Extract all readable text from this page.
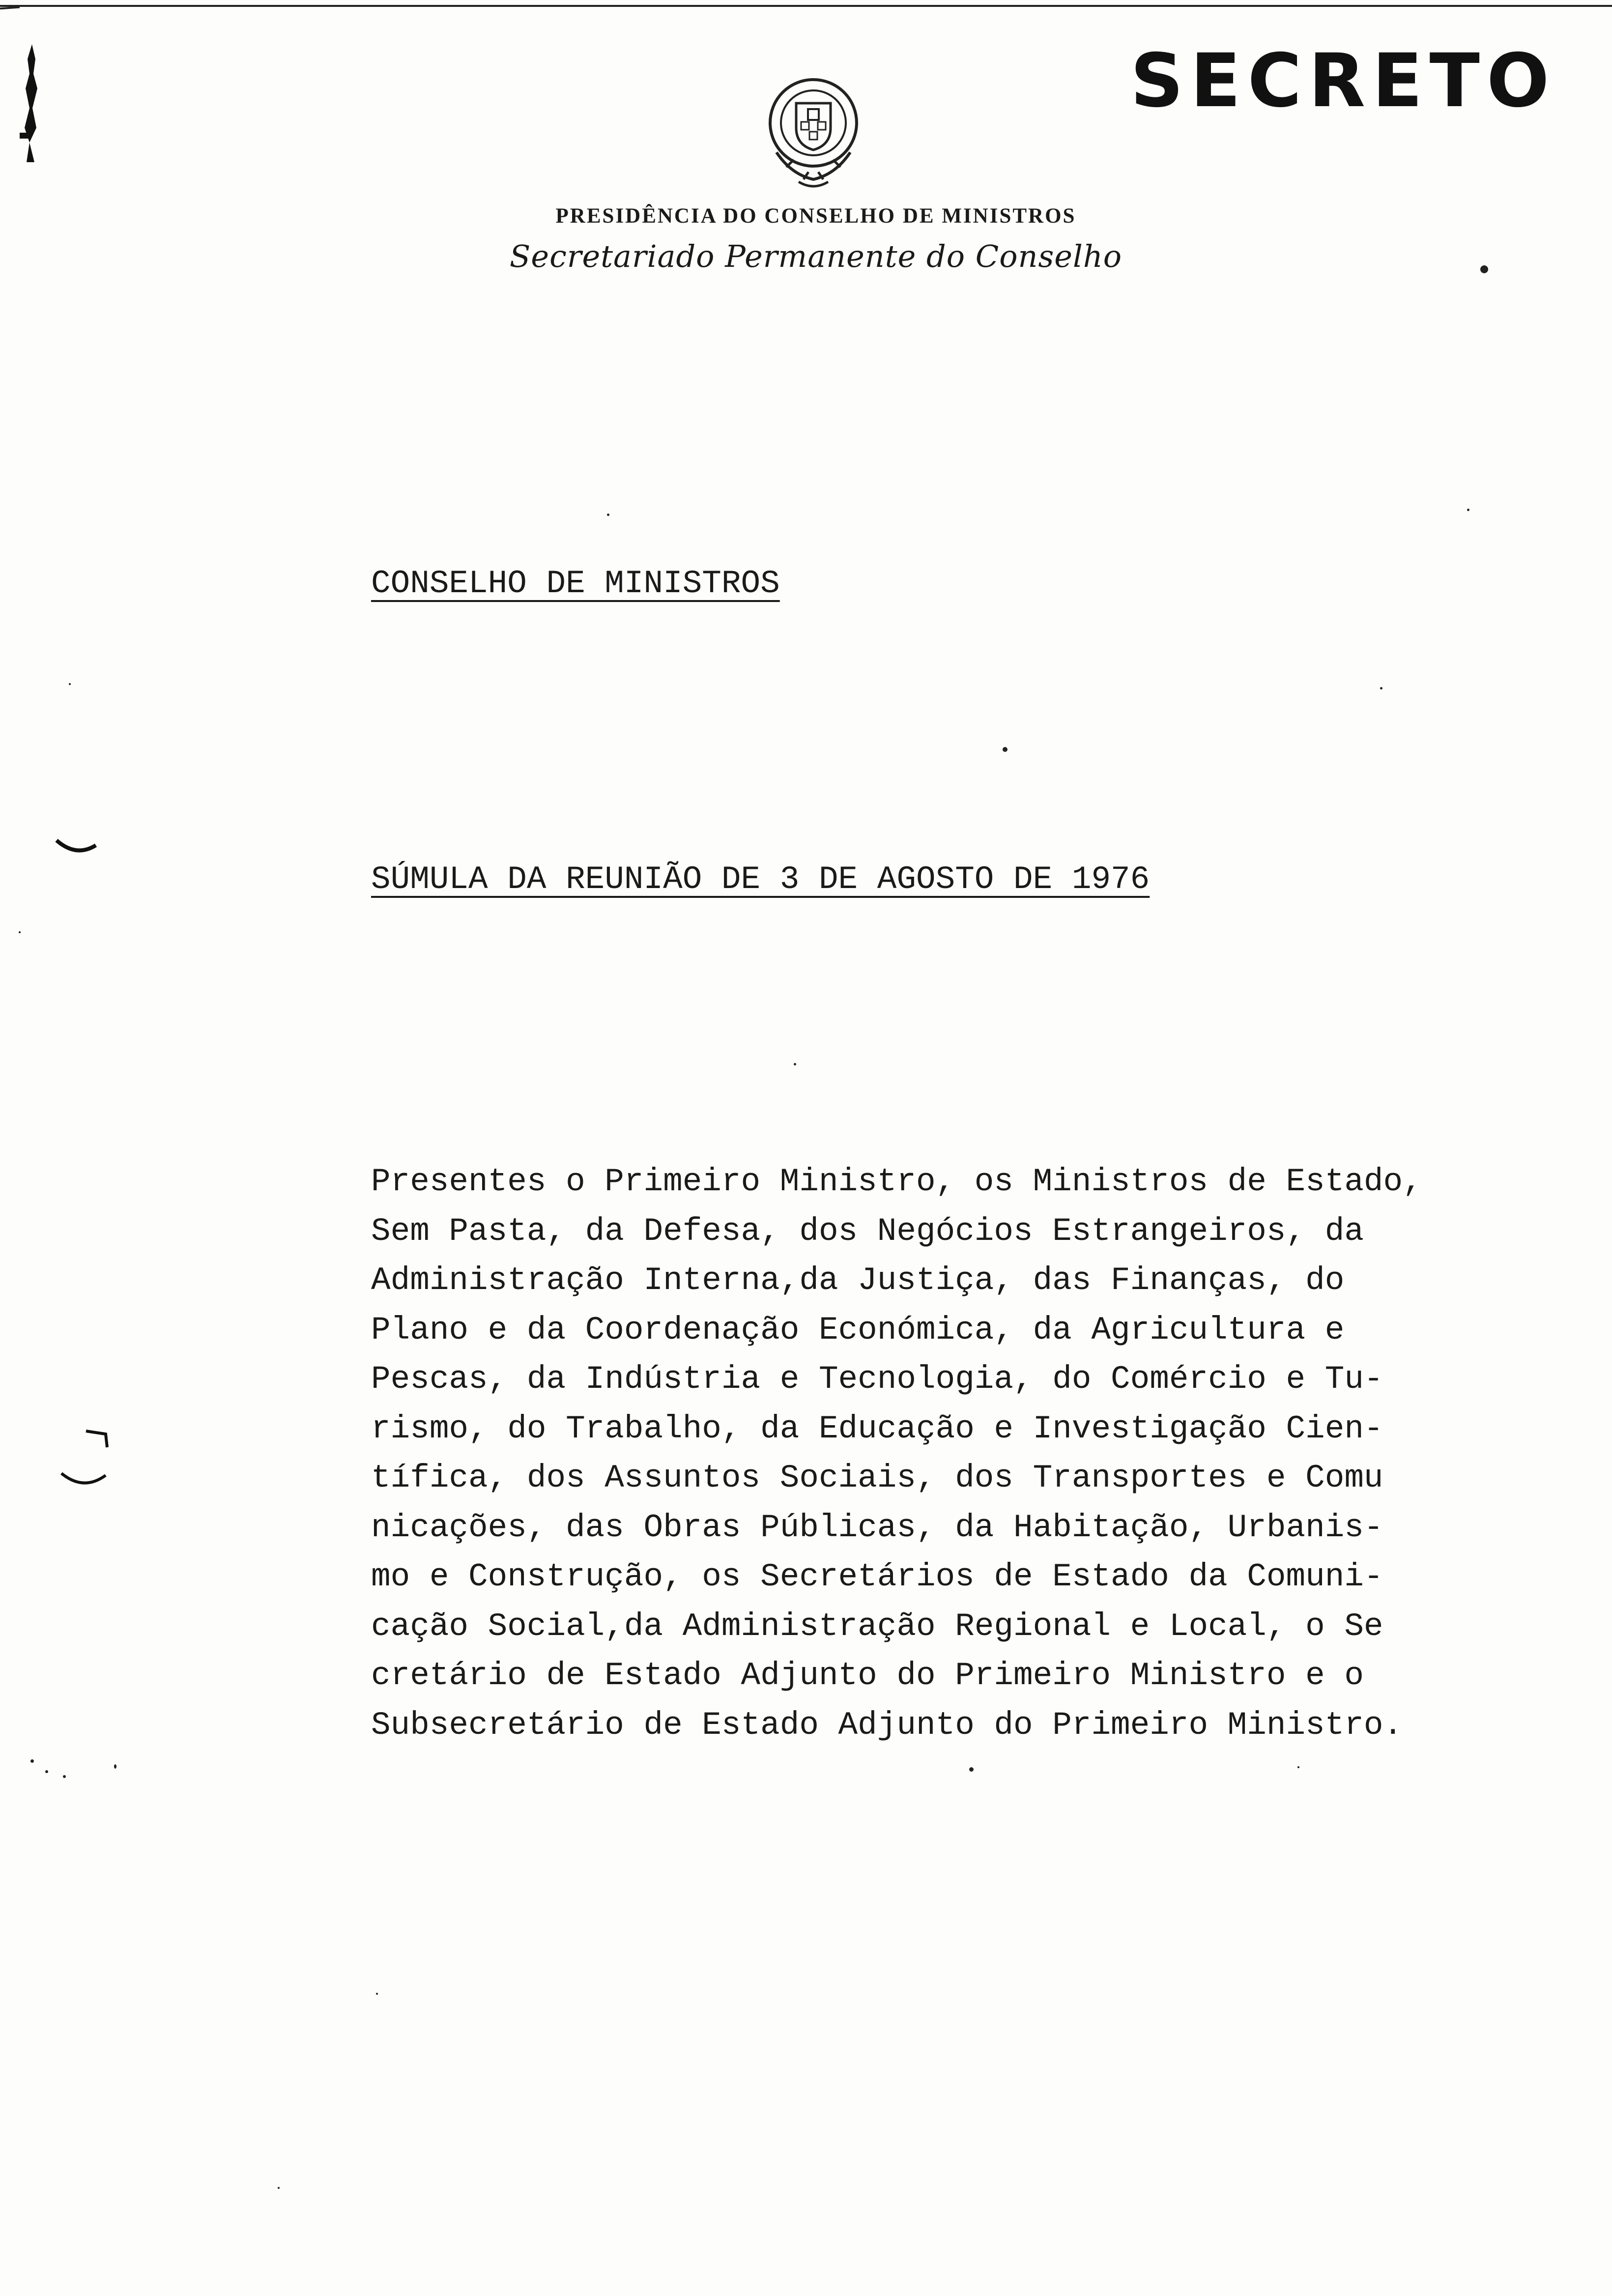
SECRETO
PRESIDÊNCIA DO CONSELHO DE MINISTROS
Secretariado Permanente do Conselho
CONSELHO DE MINISTROS
SÚMULA DA REUNIÃO DE 3 DE AGOSTO DE 1976
Presentes o Primeiro Ministro, os Ministros de Estado,
Sem Pasta, da Defesa, dos Negócios Estrangeiros, da
Administração Interna,da Justiça, das Finanças, do
Plano e da Coordenação Económica, da Agricultura e
Pescas, da Indústria e Tecnologia, do Comércio e Tu-
rismo, do Trabalho, da Educação e Investigação Cien-
tífica, dos Assuntos Sociais, dos Transportes e Comu
nicações, das Obras Públicas, da Habitação, Urbanis-
mo e Construção, os Secretários de Estado da Comuni-
cação Social,da Administração Regional e Local, o Se
cretário de Estado Adjunto do Primeiro Ministro e o
Subsecretário de Estado Adjunto do Primeiro Ministro.
